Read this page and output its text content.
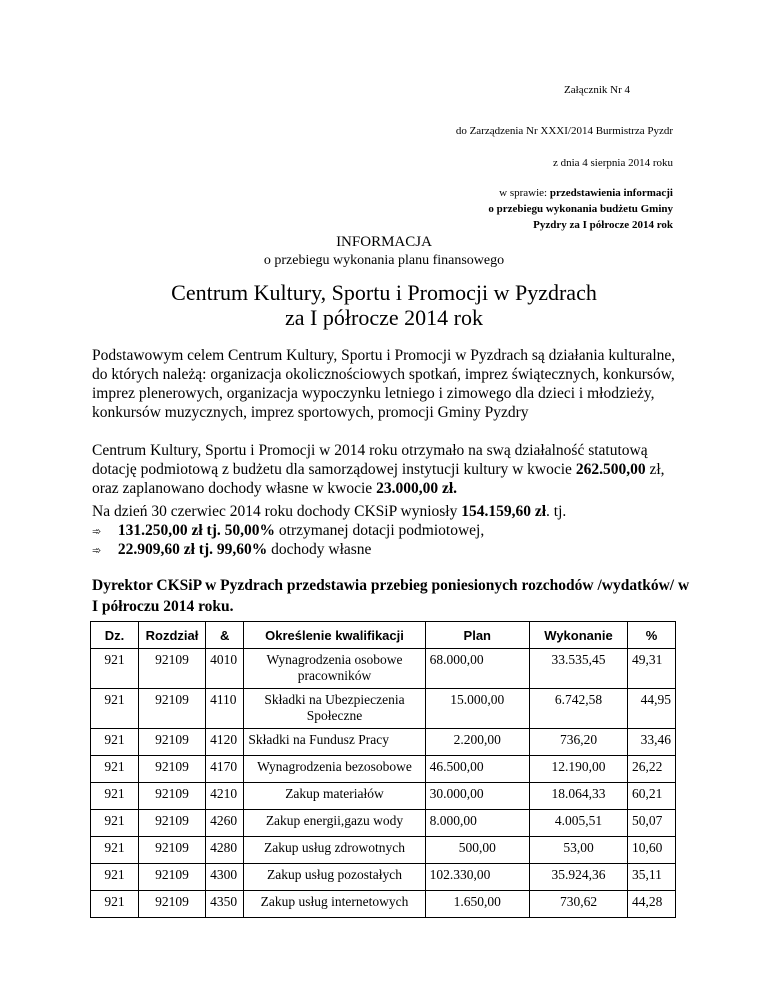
Załącznik Nr 4
do Zarządzenia Nr XXXI/2014 Burmistrza Pyzdr
z dnia 4 sierpnia 2014 roku
w sprawie: przedstawienia informacji
o przebiegu wykonania budżetu Gminy
Pyzdry za I półrocze 2014 rok
INFORMACJA
o przebiegu wykonania planu finansowego
Centrum Kultury, Sportu i Promocji w Pyzdrach
za I półrocze 2014 rok
Podstawowym celem Centrum Kultury, Sportu i Promocji w Pyzdrach są działania kulturalne, do których należą: organizacja okolicznościowych spotkań, imprez świątecznych, konkursów, imprez plenerowych, organizacja wypoczynku letniego i zimowego dla dzieci i młodzieży, konkursów muzycznych, imprez sportowych, promocji Gminy Pyzdry
Centrum Kultury, Sportu i Promocji w 2014 roku otrzymało na swą działalność statutową dotację podmiotową z budżetu dla samorządowej instytucji kultury w kwocie 262.500,00 zł, oraz zaplanowano dochody własne w kwocie 23.000,00 zł.
Na dzień 30 czerwiec 2014 roku dochody CKSiP wyniosły 154.159,60 zł. tj.
➾ 131.250,00 zł tj. 50,00% otrzymanej dotacji podmiotowej,
➾ 22.909,60 zł tj. 99,60% dochody własne
Dyrektor CKSiP w Pyzdrach przedstawia przebieg poniesionych rozchodów /wydatków/ w I półroczu 2014 roku.
Dz.	Rozdział	&	Określenie kwalifikacji	Plan	Wykonanie	%
921	92109	4010	Wynagrodzenia osobowe pracowników	68.000,00	33.535,45	49,31
921	92109	4110	Składki na Ubezpieczenia Społeczne	15.000,00	6.742,58	44,95
921	92109	4120	Składki na Fundusz Pracy	2.200,00	736,20	33,46
921	92109	4170	Wynagrodzenia bezosobowe	46.500,00	12.190,00	26,22
921	92109	4210	Zakup materiałów	30.000,00	18.064,33	60,21
921	92109	4260	Zakup energii,gazu wody	8.000,00	4.005,51	50,07
921	92109	4280	Zakup usług zdrowotnych	500,00	53,00	10,60
921	92109	4300	Zakup usług pozostałych	102.330,00	35.924,36	35,11
921	92109	4350	Zakup usług internetowych	1.650,00	730,62	44,28
